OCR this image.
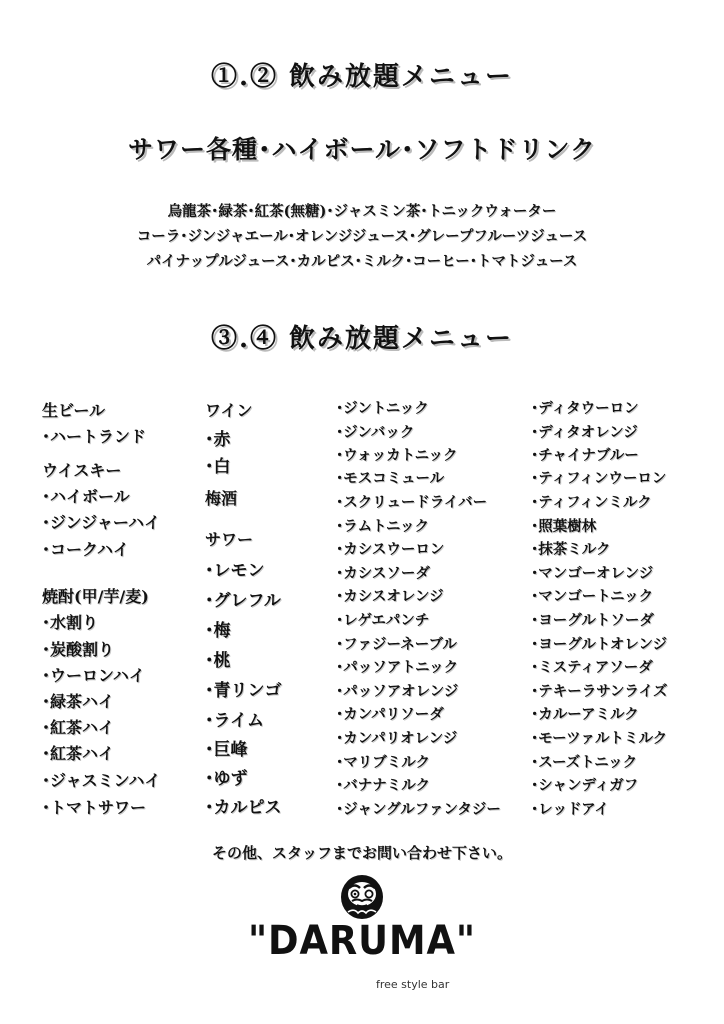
①.② 飲み放題メニュー
サワー各種･ハイボール･ソフトドリンク
烏龍茶･緑茶･紅茶(無糖)･ジャスミン茶･トニックウォーター
コーラ･ジンジャエール･オレンジジュース･グレープフルーツジュース
パイナップルジュース･カルピス･ミルク･コーヒー･トマトジュース
③.④ 飲み放題メニュー
生ビール
･ハートランド
ウイスキー
･ハイボール
･ジンジャーハイ
･コークハイ
焼酎(甲/芋/麦)
･水割り
･炭酸割り
･ウーロンハイ
･緑茶ハイ
･紅茶ハイ
･紅茶ハイ
･ジャスミンハイ
･トマトサワー
ワイン
･赤
･白
梅酒
サワー
･レモン
･グレフル
･梅
･桃
･青リンゴ
･ライム
･巨峰
･ゆず
･カルピス
･ジントニック
･ジンバック
･ウォッカトニック
･モスコミュール
･スクリュードライバー
･ラムトニック
･カシスウーロン
･カシスソーダ
･カシスオレンジ
･レゲエパンチ
･ファジーネーブル
･パッソアトニック
･パッソアオレンジ
･カンパリソーダ
･カンパリオレンジ
･マリブミルク
･バナナミルク
･ジャングルファンタジー
･ディタウーロン
･ディタオレンジ
･チャイナブルー
･ティフィンウーロン
･ティフィンミルク
･照葉樹林
･抹茶ミルク
･マンゴーオレンジ
･マンゴートニック
･ヨーグルトソーダ
･ヨーグルトオレンジ
･ミスティアソーダ
･テキーラサンライズ
･カルーアミルク
･モーツァルトミルク
･スーズトニック
･シャンディガフ
･レッドアイ
その他、スタッフまでお問い合わせ下さい。
"DARUMA"
free style bar
